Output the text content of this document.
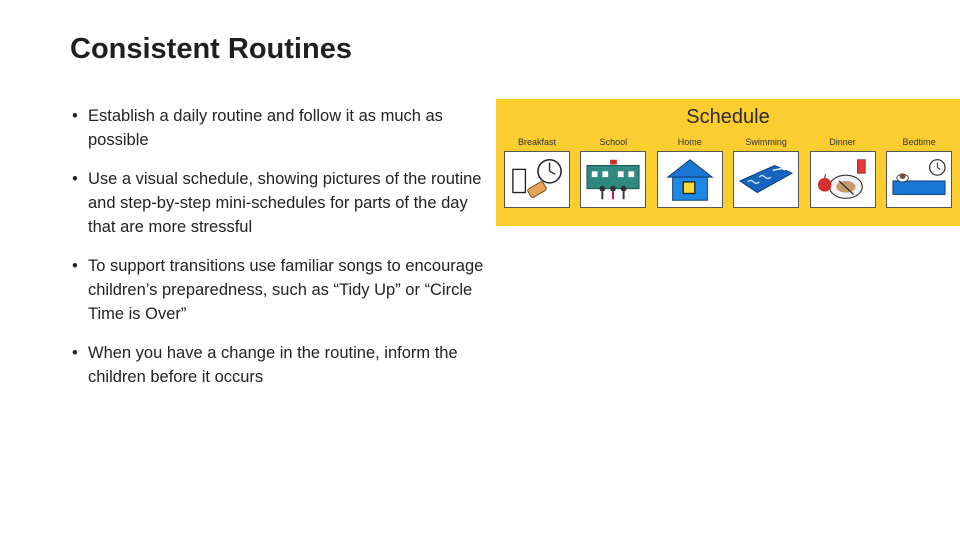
Consistent Routines
• Establish a daily routine and follow it as much as possible
• Use a visual schedule, showing pictures of the routine and step-by-step mini-schedules for parts of the day that are more stressful
• To support transitions use familiar songs to encourage children’s preparedness, such as “Tidy Up” or “Circle Time is Over”
• When you have a change in the routine, inform the children before it occurs
Schedule
Breakfast	School	Home	Swimming	Dinner	Bedtime
